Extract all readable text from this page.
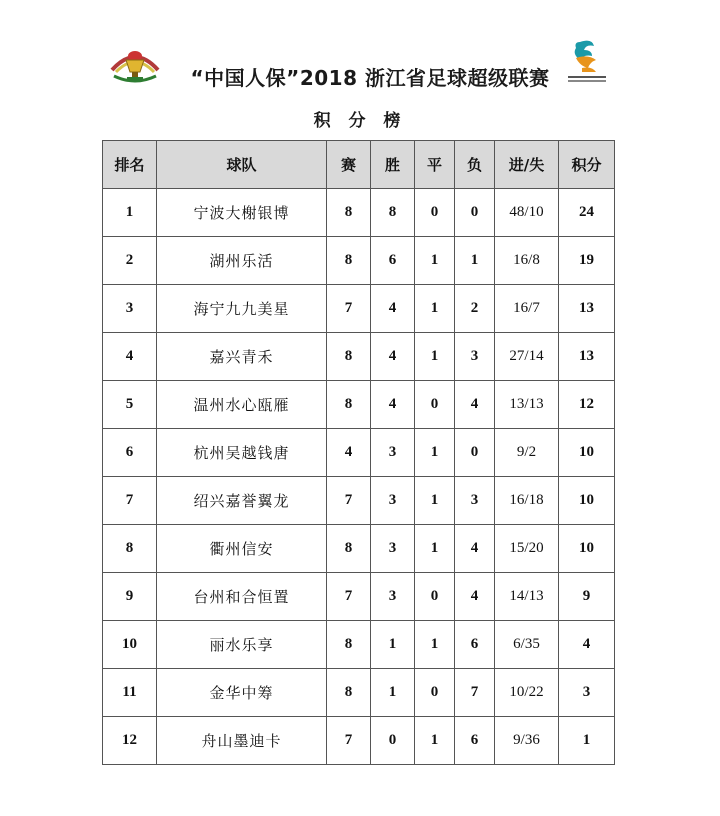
“中国人保”2018 浙江省足球超级联赛
积 分 榜
排名	球队	赛	胜	平	负	进/失	积分
1	宁波大榭银博	8	8	0	0	48/10	24
2	湖州乐活	8	6	1	1	16/8	19
3	海宁九九美星	7	4	1	2	16/7	13
4	嘉兴青禾	8	4	1	3	27/14	13
5	温州水心瓯雁	8	4	0	4	13/13	12
6	杭州吴越钱唐	4	3	1	0	9/2	10
7	绍兴嘉誉翼龙	7	3	1	3	16/18	10
8	衢州信安	8	3	1	4	15/20	10
9	台州和合恒置	7	3	0	4	14/13	9
10	丽水乐享	8	1	1	6	6/35	4
11	金华中筹	8	1	0	7	10/22	3
12	舟山墨迪卡	7	0	1	6	9/36	1
